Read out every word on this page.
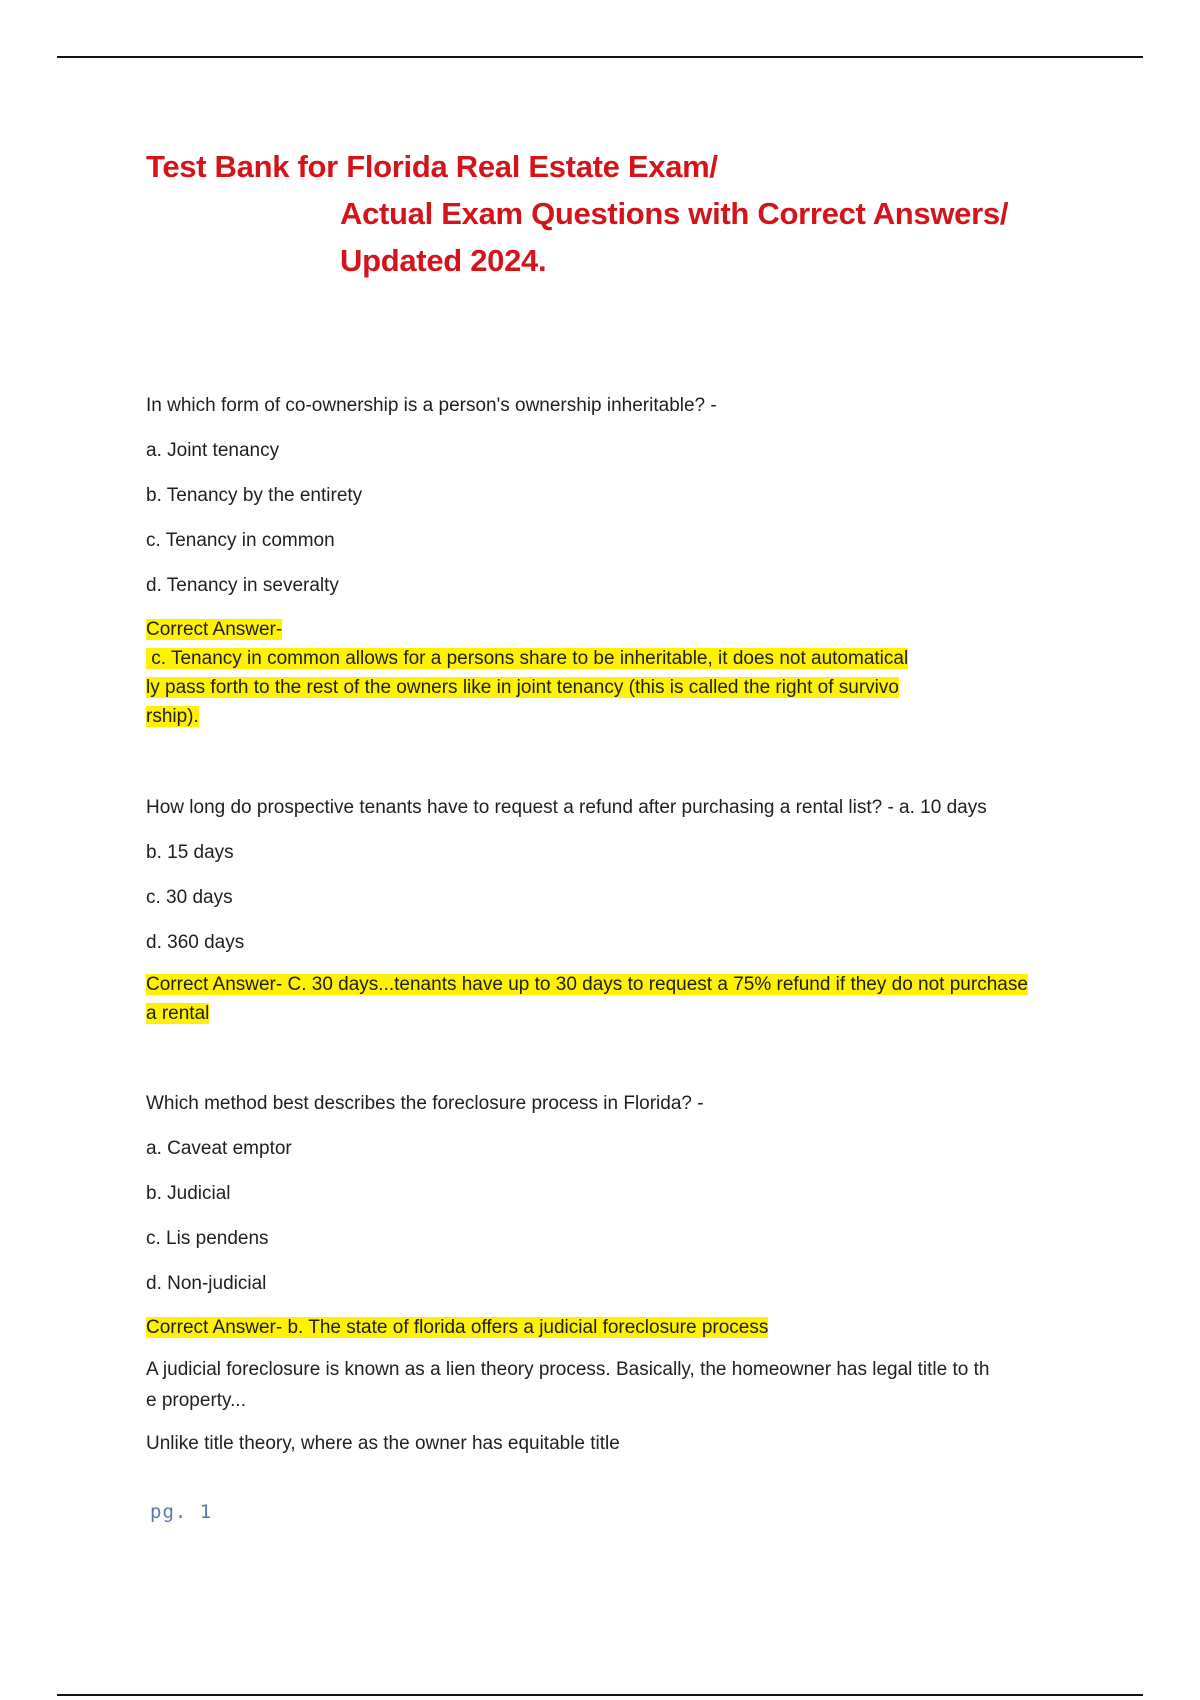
Test Bank for Florida Real Estate Exam/
Actual Exam Questions with Correct Answers/
Updated 2024.

In which form of co-ownership is a person's ownership inheritable? -

a. Joint tenancy

b. Tenancy by the entirety

c. Tenancy in common

d. Tenancy in severalty

Correct Answer-

c. Tenancy in common allows for a persons share to be inheritable, it does not automatical

ly pass forth to the rest of the owners like in joint tenancy (this is called the right of survivo

rship).

How long do prospective tenants have to request a refund after purchasing a rental list? - a. 10 days

b. 15 days

c. 30 days

d. 360 days

Correct Answer- C. 30 days...tenants have up to 30 days to request a 75% refund if they do not purchase

a rental

Which method best describes the foreclosure process in Florida? -

a. Caveat emptor

b. Judicial

c. Lis pendens

d. Non-judicial

Correct Answer- b. The state of florida offers a judicial foreclosure process

A judicial foreclosure is known as a lien theory process. Basically, the homeowner has legal title to th

e property...

Unlike title theory, where as the owner has equitable title

pg. 1
